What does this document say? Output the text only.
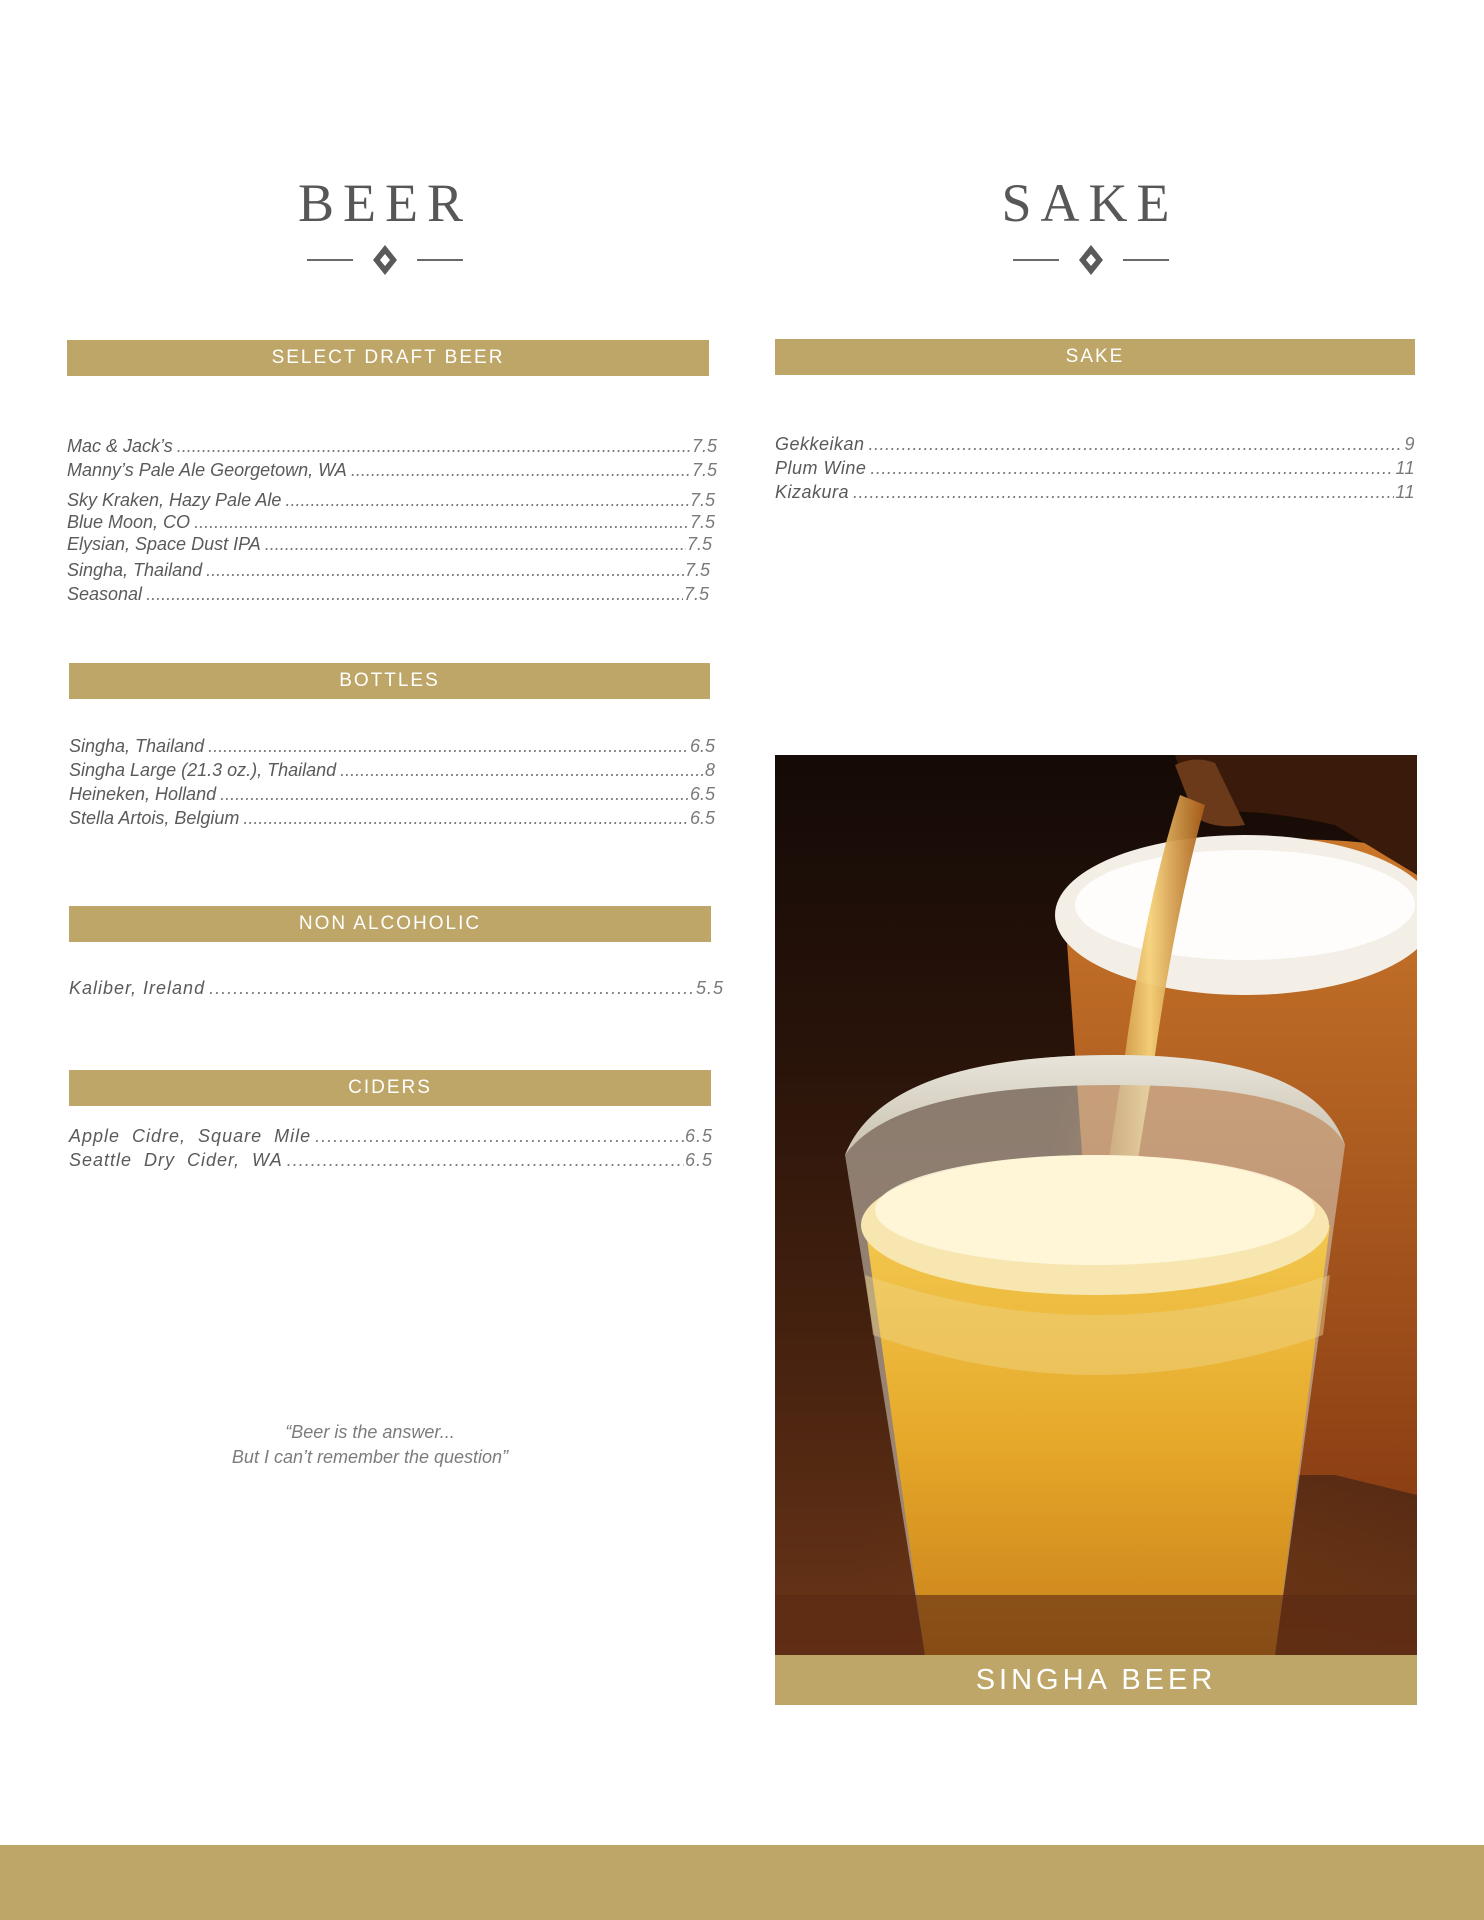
BEER
SELECT DRAFT BEER
Mac & Jack’s .....	7.5
Manny’s Pale Ale Georgetown, WA .....	7.5
Sky Kraken, Hazy Pale Ale .....	7.5
Blue Moon, CO .....	7.5
Elysian, Space Dust IPA .....	7.5
Singha, Thailand .....	7.5
Seasonal .....	7.5
BOTTLES
Singha, Thailand .....	6.5
Singha Large (21.3 oz.), Thailand .....	8
Heineken, Holland .....	6.5
Stella Artois, Belgium .....	6.5
NON ALCOHOLIC
Kaliber, Ireland .....	5.5
CIDERS
Apple Cidre, Square Mile .....	6.5
Seattle Dry Cider, WA .....	6.5
“Beer is the answer...
But I can’t remember the question”
SAKE
SAKE
Gekkeikan .....	9
Plum Wine .....	11
Kizakura .....	11
SINGHA BEER
